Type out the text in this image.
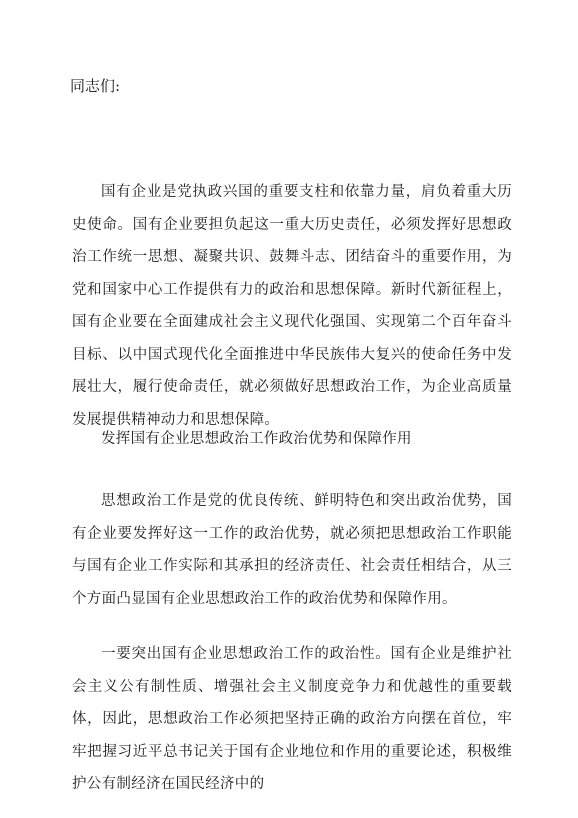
同志们:

国有企业是党执政兴国的重要支柱和依靠力量，肩负着重大历史使命。国有企业要担负起这一重大历史责任，必须发挥好思想政治工作统一思想、凝聚共识、鼓舞斗志、团结奋斗的重要作用，为党和国家中心工作提供有力的政治和思想保障。新时代新征程上，国有企业要在全面建成社会主义现代化强国、实现第二个百年奋斗目标、以中国式现代化全面推进中华民族伟大复兴的使命任务中发展壮大，履行使命责任，就必须做好思想政治工作，为企业高质量发展提供精神动力和思想保障。

发挥国有企业思想政治工作政治优势和保障作用

思想政治工作是党的优良传统、鲜明特色和突出政治优势，国有企业要发挥好这一工作的政治优势，就必须把思想政治工作职能与国有企业工作实际和其承担的经济责任、社会责任相结合，从三个方面凸显国有企业思想政治工作的政治优势和保障作用。

一要突出国有企业思想政治工作的政治性。国有企业是维护社会主义公有制性质、增强社会主义制度竞争力和优越性的重要载体，因此，思想政治工作必须把坚持正确的政治方向摆在首位，牢牢把握习近平总书记关于国有企业地位和作用的重要论述，积极维护公有制经济在国民经济中的
